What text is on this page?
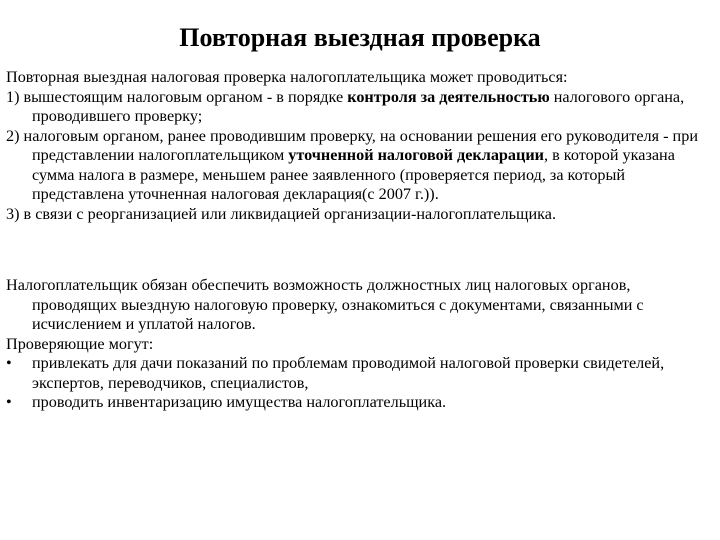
Повторная выездная проверка

Повторная выездная налоговая проверка налогоплательщика может проводиться:

1) вышестоящим налоговым органом - в порядке контроля за деятельностью налогового органа, проводившего проверку;

2) налоговым органом, ранее проводившим проверку, на основании решения его руководителя - при представлении налогоплательщиком уточненной налоговой декларации, в которой указана сумма налога в размере, меньшем ранее заявленного (проверяется период, за который представлена уточненная налоговая декларация(с 2007 г.)).

3) в связи с реорганизацией или ликвидацией организации-налогоплательщика.

Налогоплательщик обязан обеспечить возможность должностных лиц налоговых органов, проводящих выездную налоговую проверку, ознакомиться с документами, связанными с исчислением и уплатой налогов.

Проверяющие могут:

•	привлекать для дачи показаний по проблемам проводимой налоговой проверки свидетелей, экспертов, переводчиков, специалистов,
•	проводить инвентаризацию имущества налогоплательщика.
